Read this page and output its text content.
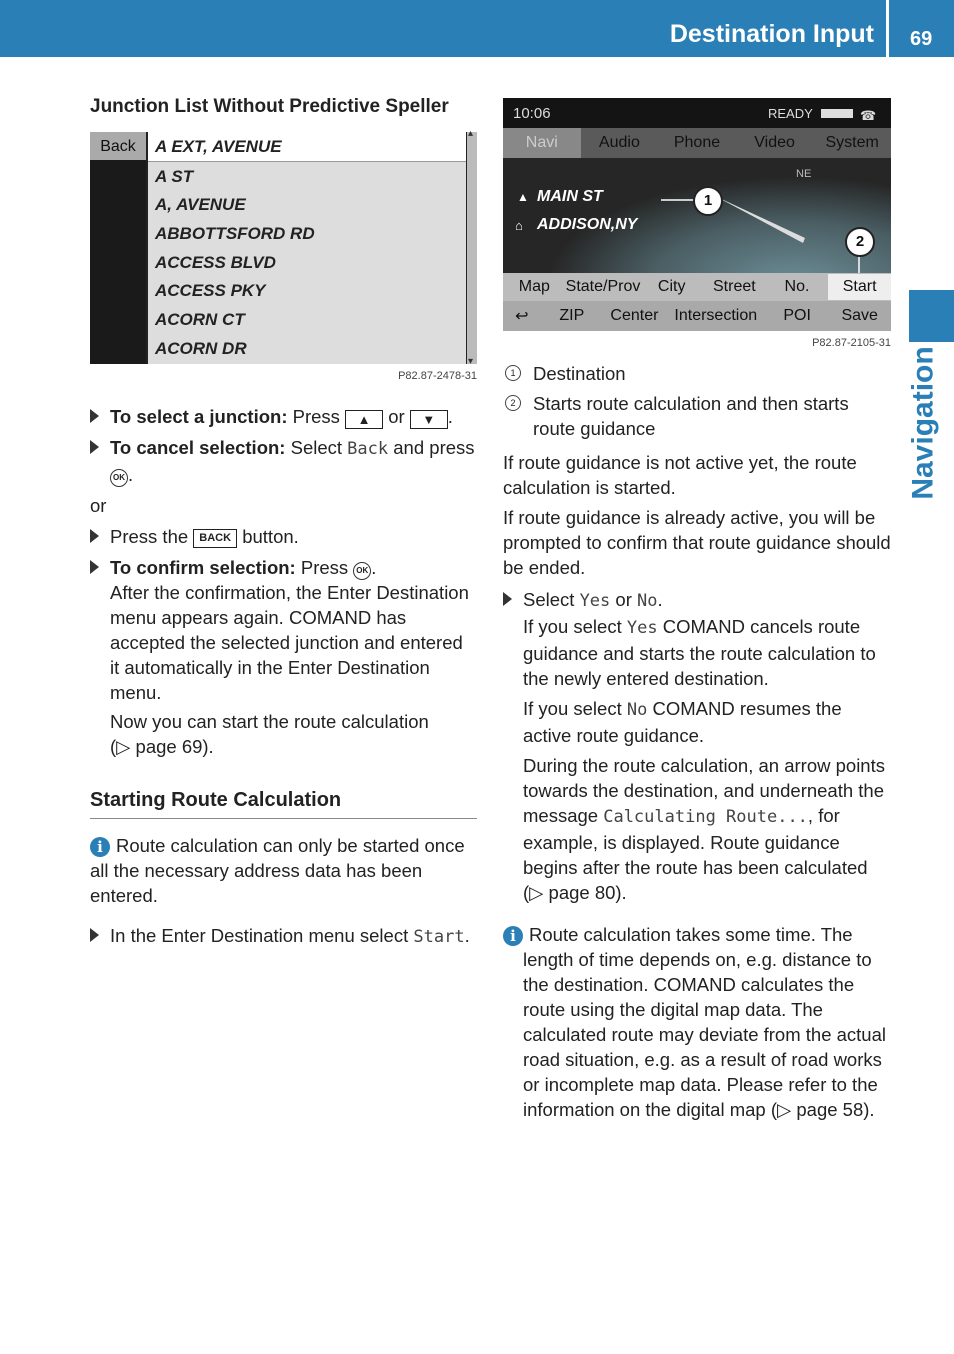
Destination Input 69
Navigation
Junction List Without Predictive Speller
Back	A EXT, AVENUE
A ST
A, AVENUE
ABBOTTSFORD RD
ACCESS BLVD
ACCESS PKY
ACORN CT
ACORN DR
▴ ▾
P82.87-2478-31
To select a junction: Press ▲ or ▼ .
To cancel selection: Select Back and press OK .

or

Press the BACK button.
To confirm selection: Press OK .
After the confirmation, the Enter Destination menu appears again. COMAND has accepted the selected junction and entered it automatically in the Enter Destination menu.
Now you can start the route calculation
(▷ page 69).
Starting Route Calculation
i Route calculation can only be started once all the necessary address data has been entered.
In the Enter Destination menu select Start.
10:06	READY	☎
Navi	Audio	Phone	Video	System
NE
▲ MAIN ST
⌂ ADDISON,NY
1
2
Map State/Prov	City	Street	No.	Start
↩	ZIP	Center Intersection	POI	Save
P82.87-2105-31
1 Destination
2 Starts route calculation and then starts route guidance

If route guidance is not active yet, the route calculation is started.

If route guidance is already active, you will be prompted to confirm that route guidance should be ended.

Select Yes or No.
If you select Yes COMAND cancels route guidance and starts the route calculation to the newly entered destination.
If you select No COMAND resumes the active route guidance.
During the route calculation, an arrow points towards the destination, and underneath the message Calculating Route..., for example, is displayed. Route guidance begins after the route has been calculated (▷ page 80).
i Route calculation takes some time. The length of time depends on, e.g. distance to the destination. COMAND calculates the route using the digital map data. The calculated route may deviate from the actual road situation, e.g. as a result of road works or incomplete map data. Please refer to the information on the digital map (▷ page 58).
